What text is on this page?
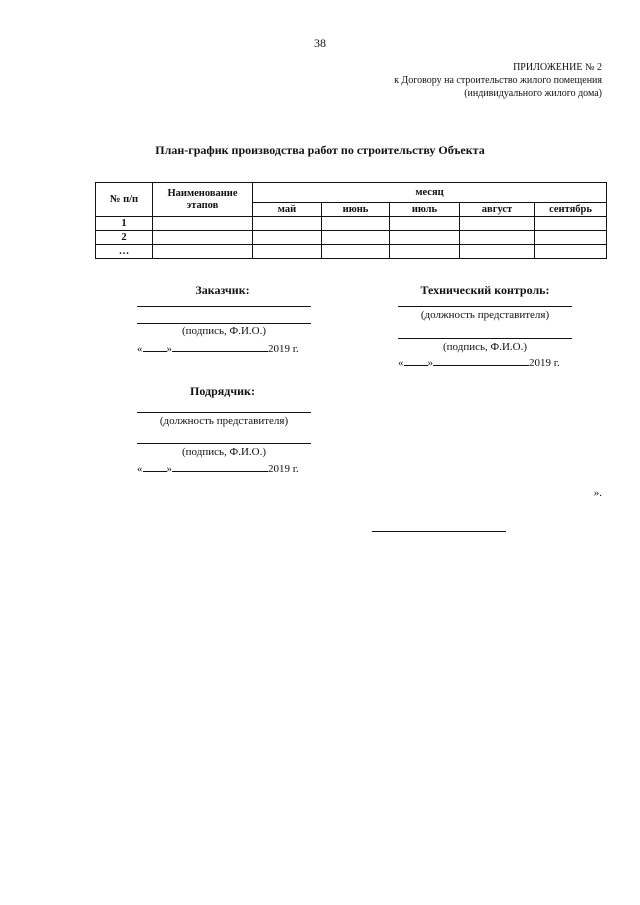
38
ПРИЛОЖЕНИЕ № 2
к Договору на строительство жилого помещения
(индивидуального жилого дома)
План-график производства работ по строительству Объекта
№ п/п	Наименование этапов	месяц				
		май	июнь	июль	август	сентябрь
1						
2						
…						
Заказчик:
(подпись, Ф.И.О.)
« »	2019 г.
Технический контроль:
(должность представителя)
(подпись, Ф.И.О.)
« »	2019 г.
Подрядчик:
(должность представителя)
(подпись, Ф.И.О.)
« »	2019 г.
».
